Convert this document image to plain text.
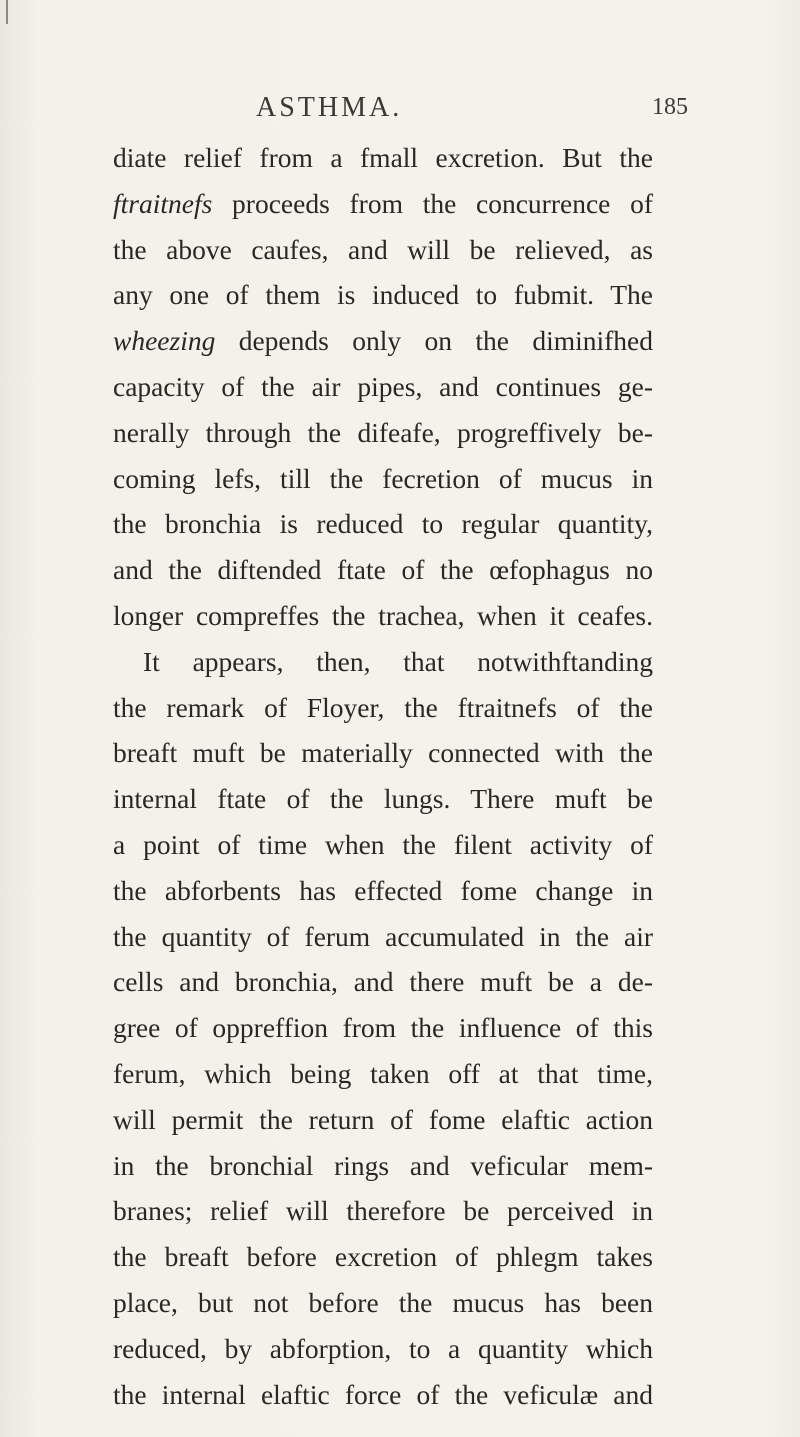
ASTHMA.	185
diate relief from a fmall excretion. But the
ftraitnefs proceeds from the concurrence of
the above caufes, and will be relieved, as
any one of them is induced to fubmit. The
wheezing depends only on the diminifhed
capacity of the air pipes, and continues ge-
nerally through the difeafe, progreffively be-
coming lefs, till the fecretion of mucus in
the bronchia is reduced to regular quantity,
and the diftended ftate of the œfophagus no
longer compreffes the trachea, when it ceafes.
It appears, then, that notwithftanding
the remark of Floyer, the ftraitnefs of the
breaft muft be materially connected with the
internal ftate of the lungs. There muft be
a point of time when the filent activity of
the abforbents has effected fome change in
the quantity of ferum accumulated in the air
cells and bronchia, and there muft be a de-
gree of oppreffion from the influence of this
ferum, which being taken off at that time,
will permit the return of fome elaftic action
in the bronchial rings and veficular mem-
branes; relief will therefore be perceived in
the breaft before excretion of phlegm takes
place, but not before the mucus has been
reduced, by abforption, to a quantity which
the internal elaftic force of the veficulæ and
